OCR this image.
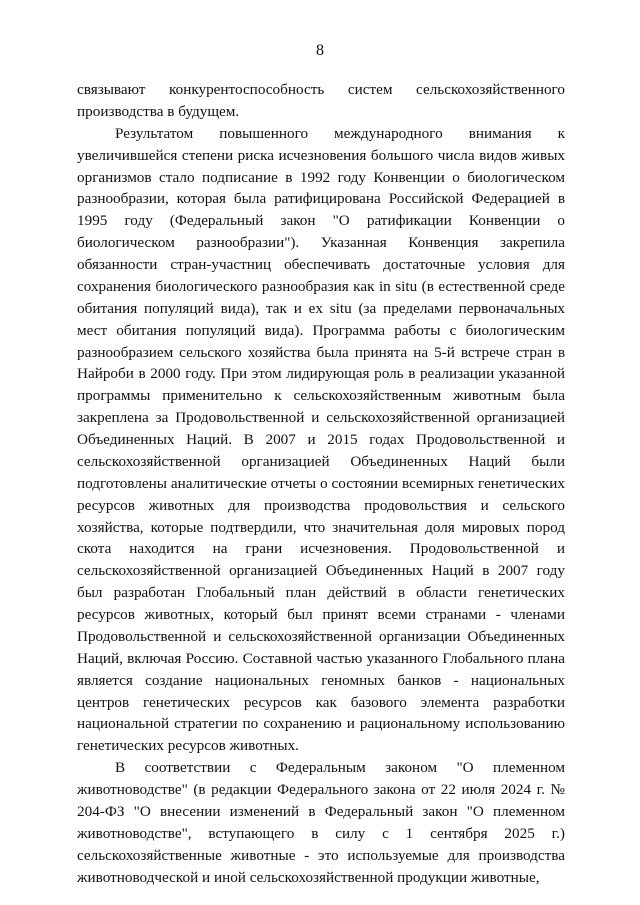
8

связывают конкурентоспособность систем сельскохозяйственного производства в будущем.

Результатом повышенного международного внимания к увеличившейся степени риска исчезновения большого числа видов живых организмов стало подписание в 1992 году Конвенции о биологическом разнообразии, которая была ратифицирована Российской Федерацией в 1995 году (Федеральный закон "О ратификации Конвенции о биологическом разнообразии"). Указанная Конвенция закрепила обязанности стран-участниц обеспечивать достаточные условия для сохранения биологического разнообразия как in situ (в естественной среде обитания популяций вида), так и ex situ (за пределами первоначальных мест обитания популяций вида). Программа работы с биологическим разнообразием сельского хозяйства была принята на 5-й встрече стран в Найроби в 2000 году. При этом лидирующая роль в реализации указанной программы применительно к сельскохозяйственным животным была закреплена за Продовольственной и сельскохозяйственной организацией Объединенных Наций. В 2007 и 2015 годах Продовольственной и сельскохозяйственной организацией Объединенных Наций были подготовлены аналитические отчеты о состоянии всемирных генетических ресурсов животных для производства продовольствия и сельского хозяйства, которые подтвердили, что значительная доля мировых пород скота находится на грани исчезновения. Продовольственной и сельскохозяйственной организацией Объединенных Наций в 2007 году был разработан Глобальный план действий в области генетических ресурсов животных, который был принят всеми странами - членами Продовольственной и сельскохозяйственной организации Объединенных Наций, включая Россию. Составной частью указанного Глобального плана является создание национальных геномных банков - национальных центров генетических ресурсов как базового элемента разработки национальной стратегии по сохранению и рациональному использованию генетических ресурсов животных.

В соответствии с Федеральным законом "О племенном животноводстве" (в редакции Федерального закона от 22 июля 2024 г. № 204-ФЗ "О внесении изменений в Федеральный закон "О племенном животноводстве", вступающего в силу с 1 сентября 2025 г.) сельскохозяйственные животные - это используемые для производства животноводческой и иной сельскохозяйственной продукции животные,
